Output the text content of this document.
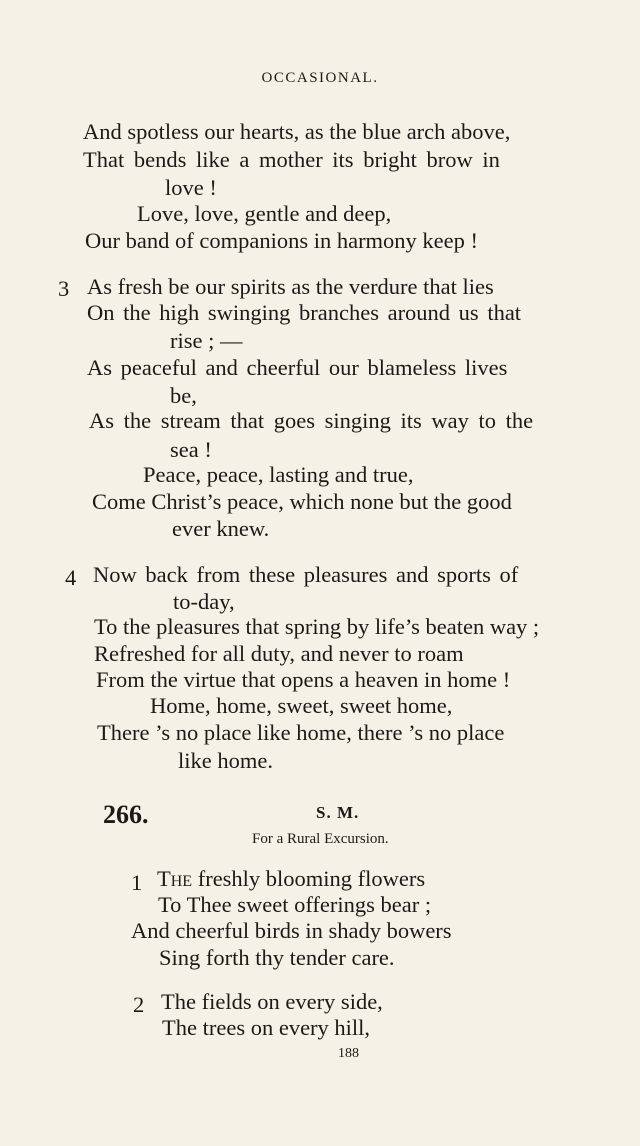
OCCASIONAL.
And spotless our hearts, as the blue arch above,
That bends like a mother its bright brow in
love !
Love, love, gentle and deep,
Our band of companions in harmony keep !
3 As fresh be our spirits as the verdure that lies
On the high swinging branches around us that
rise ; —
As peaceful and cheerful our blameless lives
be,
As the stream that goes singing its way to the
sea !
Peace, peace, lasting and true,
Come Christ’s peace, which none but the good
ever knew.
4 Now back from these pleasures and sports of
to-day,
To the pleasures that spring by life’s beaten way ;
Refreshed for all duty, and never to roam
From the virtue that opens a heaven in home !
Home, home, sweet, sweet home,
There ’s no place like home, there ’s no place
like home.
266.	S. M.
For a Rural Excursion.
1 The freshly blooming flowers
To Thee sweet offerings bear ;
And cheerful birds in shady bowers
Sing forth thy tender care.
2 The fields on every side,
The trees on every hill,
188
